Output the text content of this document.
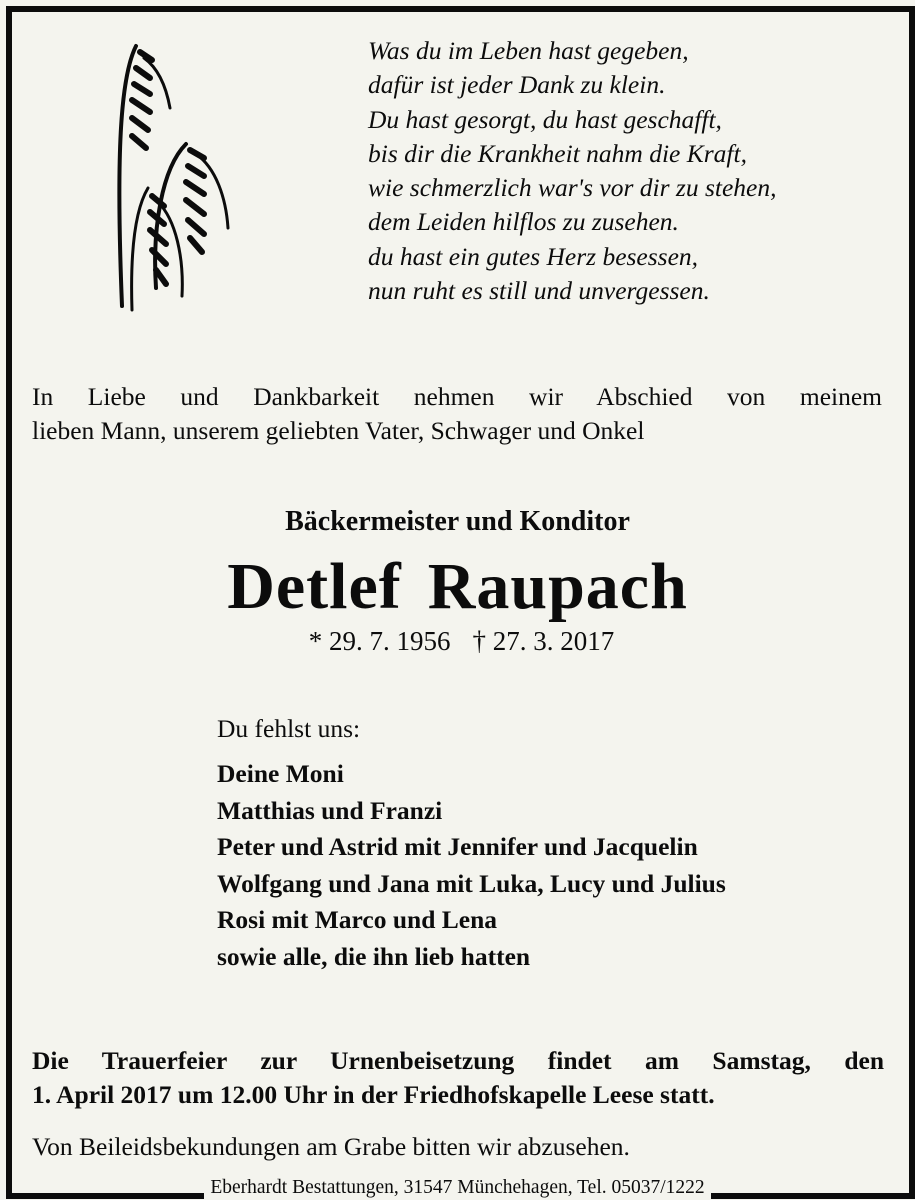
Was du im Leben hast gegeben,
dafür ist jeder Dank zu klein.
Du hast gesorgt, du hast geschafft,
bis dir die Krankheit nahm die Kraft,
wie schmerzlich war's vor dir zu stehen,
dem Leiden hilflos zu zusehen.
du hast ein gutes Herz besessen,
nun ruht es still und unvergessen.
In Liebe und Dankbarkeit nehmen wir Abschied von meinem
lieben Mann, unserem geliebten Vater, Schwager und Onkel
Bäckermeister und Konditor
Detlef Raupach
* 29. 7. 1956 † 27. 3. 2017
Du fehlst uns:
Deine Moni
Matthias und Franzi
Peter und Astrid mit Jennifer und Jacquelin
Wolfgang und Jana mit Luka, Lucy und Julius
Rosi mit Marco und Lena
sowie alle, die ihn lieb hatten
Die Trauerfeier zur Urnenbeisetzung findet am Samstag, den
1. April 2017 um 12.00 Uhr in der Friedhofskapelle Leese statt.
Von Beileidsbekundungen am Grabe bitten wir abzusehen.
Eberhardt Bestattungen, 31547 Münchehagen, Tel. 05037/1222
